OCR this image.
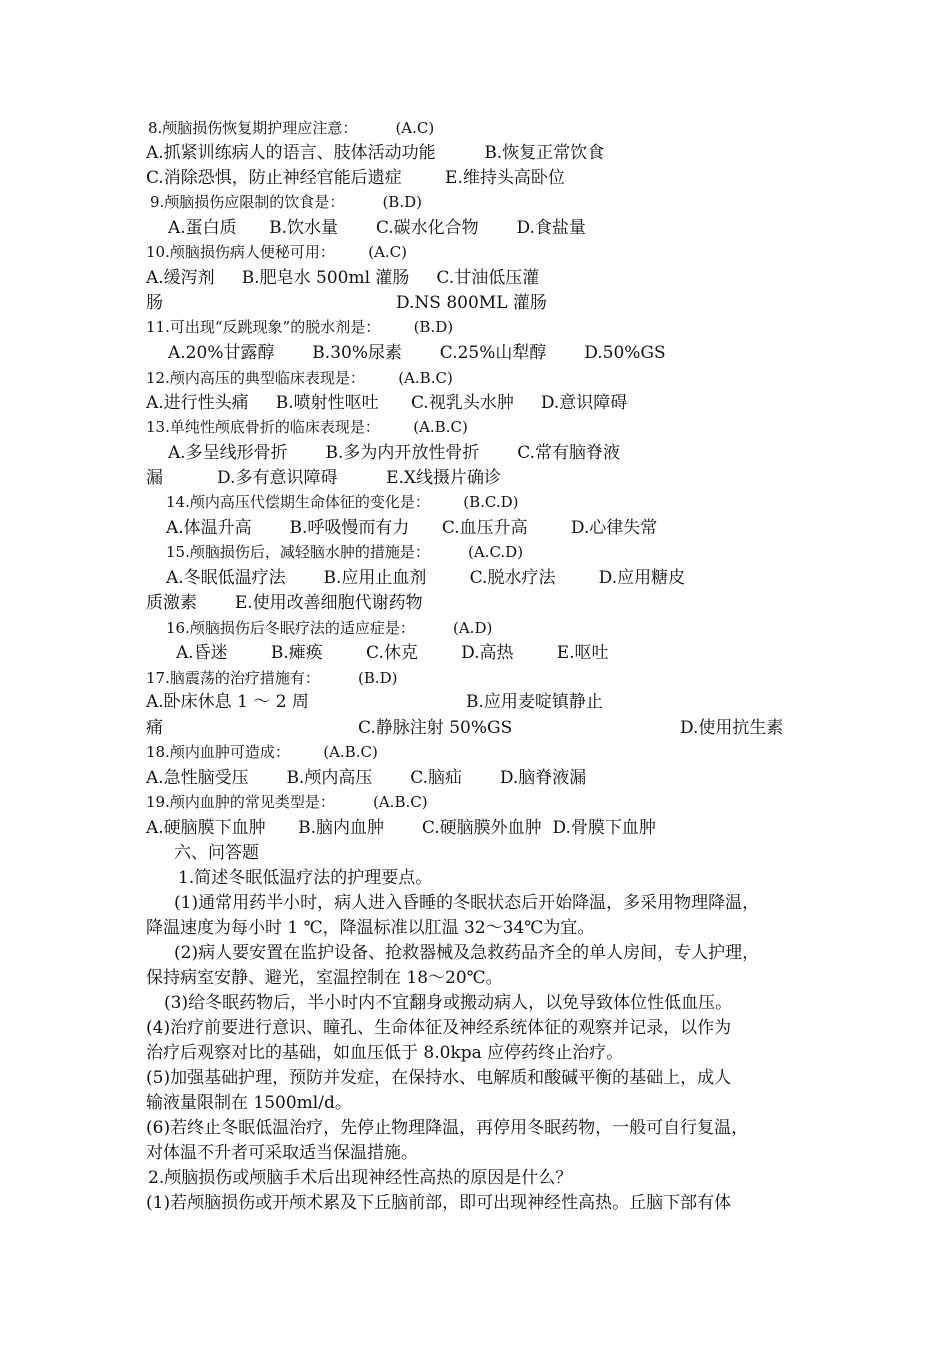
8.颅脑损伤恢复期护理应注意：        (A.C)
A.抓紧训练病人的语言、肢体活动功能         B.恢复正常饮食
C.消除恐惧，防止神经官能后遗症        E.维持头高卧位
9.颅脑损伤应限制的饮食是：        (B.D)
A.蛋白质      B.饮水量       C.碳水化合物       D.食盐量
10.颅脑损伤病人便秘可用：       (A.C)
A.缓泻剂     B.肥皂水 500ml 灌肠     C.甘油低压灌
肠	D.NS 800ML 灌肠
11.可出现“反跳现象”的脱水剂是：       (B.D)
A.20%甘露醇       B.30%尿素       C.25%山犁醇       D.50%GS
12.颅内高压的典型临床表现是：       (A.B.C)
A.进行性头痛     B.喷射性呕吐      C.视乳头水肿     D.意识障碍
13.单纯性颅底骨折的临床表现是：       (A.B.C)
A.多呈线形骨折       B.多为内开放性骨折       C.常有脑脊液
漏          D.多有意识障碍         E.X线摄片确诊
14.颅内高压代偿期生命体征的变化是：       (B.C.D)
A.体温升高       B.呼吸慢而有力      C.血压升高        D.心律失常
15.颅脑损伤后，减轻脑水肿的措施是：        (A.C.D)
A.冬眠低温疗法       B.应用止血剂        C.脱水疗法        D.应用糖皮
质激素       E.使用改善细胞代谢药物
16.颅脑损伤后冬眠疗法的适应症是：        (A.D)
A.昏迷        B.瘫痪        C.休克        D.高热        E.呕吐
17.脑震荡的治疗措施有：        (B.D)
A.卧床休息 1 ～ 2 周	B.应用麦啶镇静止
痛	C.静脉注射 50%GS	D.使用抗生素
18.颅内血肿可造成：       (A.B.C)
A.急性脑受压       B.颅内高压       C.脑疝       D.脑脊液漏
19.颅内血肿的常见类型是：        (A.B.C)
A.硬脑膜下血肿      B.脑内血肿       C.硬脑膜外血肿  D.骨膜下血肿
六、问答题
1.简述冬眠低温疗法的护理要点。
(1)通常用药半小时，病人进入昏睡的冬眠状态后开始降温，多采用物理降温，
降温速度为每小时 1 ℃，降温标准以肛温 32～34℃为宜。
(2)病人要安置在监护设备、抢救器械及急救药品齐全的单人房间，专人护理，
保持病室安静、避光，室温控制在 18～20℃。
(3)给冬眠药物后，半小时内不宜翻身或搬动病人，以免导致体位性低血压。
(4)治疗前要进行意识、瞳孔、生命体征及神经系统体征的观察并记录，以作为
治疗后观察对比的基础，如血压低于 8.0kpa 应停药终止治疗。
(5)加强基础护理，预防并发症，在保持水、电解质和酸碱平衡的基础上，成人
输液量限制在 1500ml/d。
(6)若终止冬眠低温治疗，先停止物理降温，再停用冬眠药物，一般可自行复温，
对体温不升者可采取适当保温措施。
2.颅脑损伤或颅脑手术后出现神经性高热的原因是什么？
(1)若颅脑损伤或开颅术累及下丘脑前部，即可出现神经性高热。丘脑下部有体
